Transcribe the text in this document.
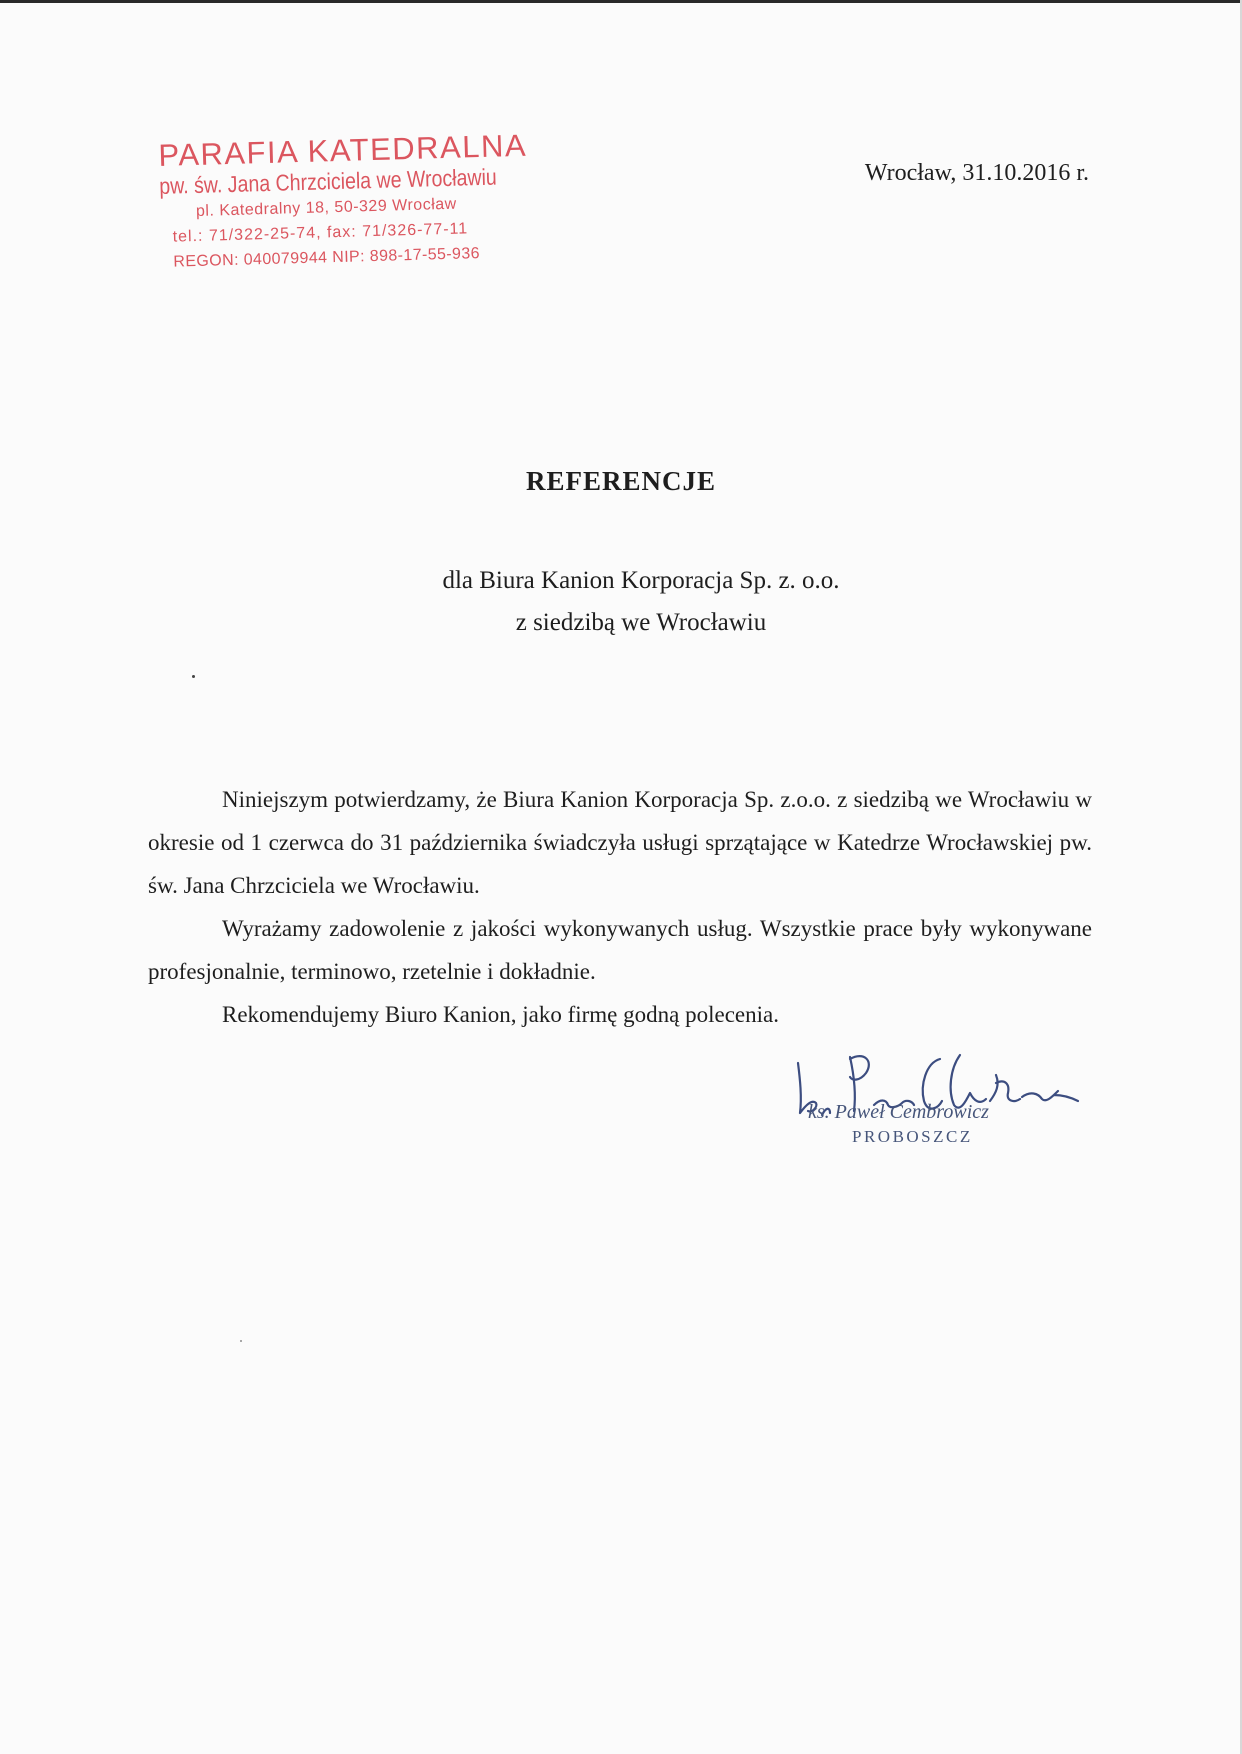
PARAFIA KATEDRALNA
pw. św. Jana Chrzciciela we Wrocławiu
pl. Katedralny 18, 50-329 Wrocław
tel.: 71/322-25-74, fax: 71/326-77-11
REGON: 040079944 NIP: 898-17-55-936
Wrocław, 31.10.2016 r.
REFERENCJE

dla Biura Kanion Korporacja Sp. z. o.o.

z siedzibą we Wrocławiu

Niniejszym potwierdzamy, że Biura Kanion Korporacja Sp. z.o.o. z siedzibą we Wrocławiu w okresie od 1 czerwca do 31 października świadczyła usługi sprzątające w Katedrze Wrocławskiej pw. św. Jana Chrzciciela we Wrocławiu.

Wyrażamy zadowolenie z jakości wykonywanych usług. Wszystkie prace były wykonywane profesjonalnie, terminowo, rzetelnie i dokładnie.

Rekomendujemy Biuro Kanion, jako firmę godną polecenia.

ks. Paweł Cembrowicz
PROBOSZCZ
